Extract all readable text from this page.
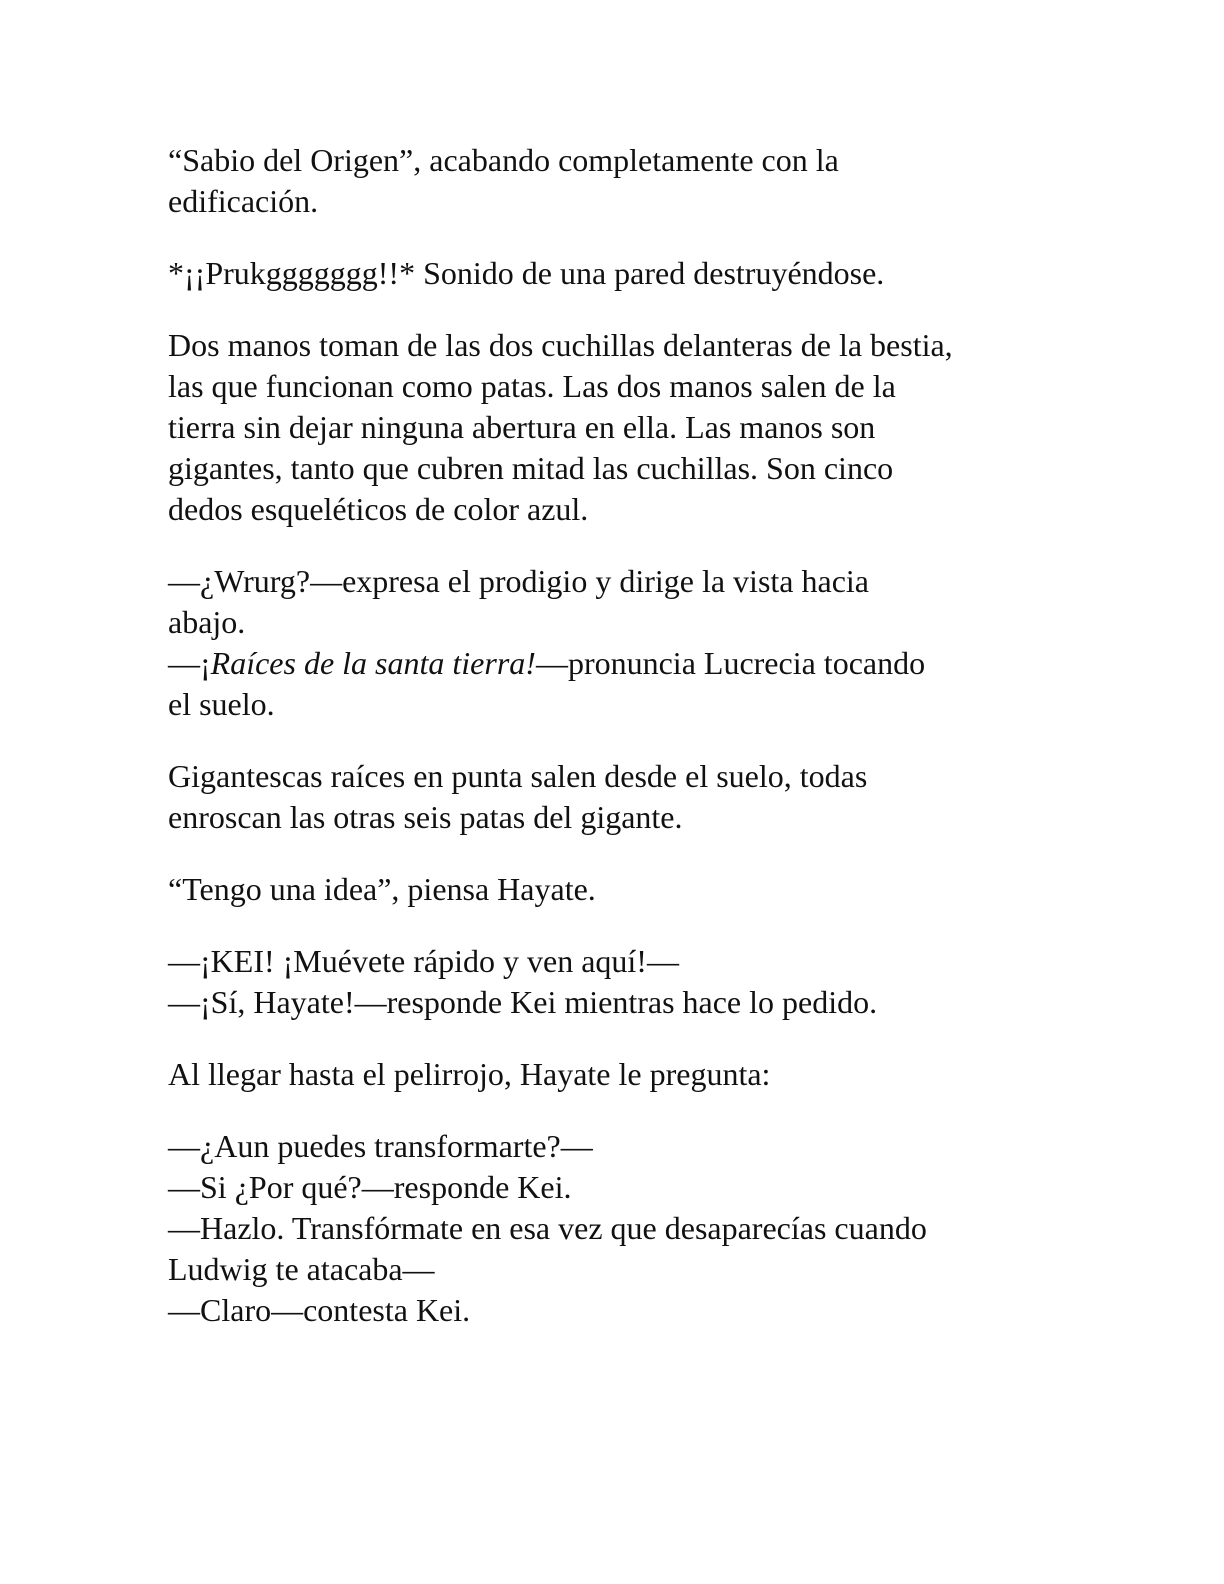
“Sabio del Origen”, acabando completamente con la
edificación.

*¡¡Prukggggggg!!* Sonido de una pared destruyéndose.

Dos manos toman de las dos cuchillas delanteras de la bestia,
las que funcionan como patas. Las dos manos salen de la
tierra sin dejar ninguna abertura en ella. Las manos son
gigantes, tanto que cubren mitad las cuchillas. Son cinco
dedos esqueléticos de color azul.

—¿Wrurg?—expresa el prodigio y dirige la vista hacia
abajo.
—¡Raíces de la santa tierra!—pronuncia Lucrecia tocando
el suelo.

Gigantescas raíces en punta salen desde el suelo, todas
enroscan las otras seis patas del gigante.

“Tengo una idea”, piensa Hayate.

—¡KEI! ¡Muévete rápido y ven aquí!—
—¡Sí, Hayate!—responde Kei mientras hace lo pedido.

Al llegar hasta el pelirrojo, Hayate le pregunta:

—¿Aun puedes transformarte?—
—Si ¿Por qué?—responde Kei.
—Hazlo. Transfórmate en esa vez que desaparecías cuando
Ludwig te atacaba—
—Claro—contesta Kei.
